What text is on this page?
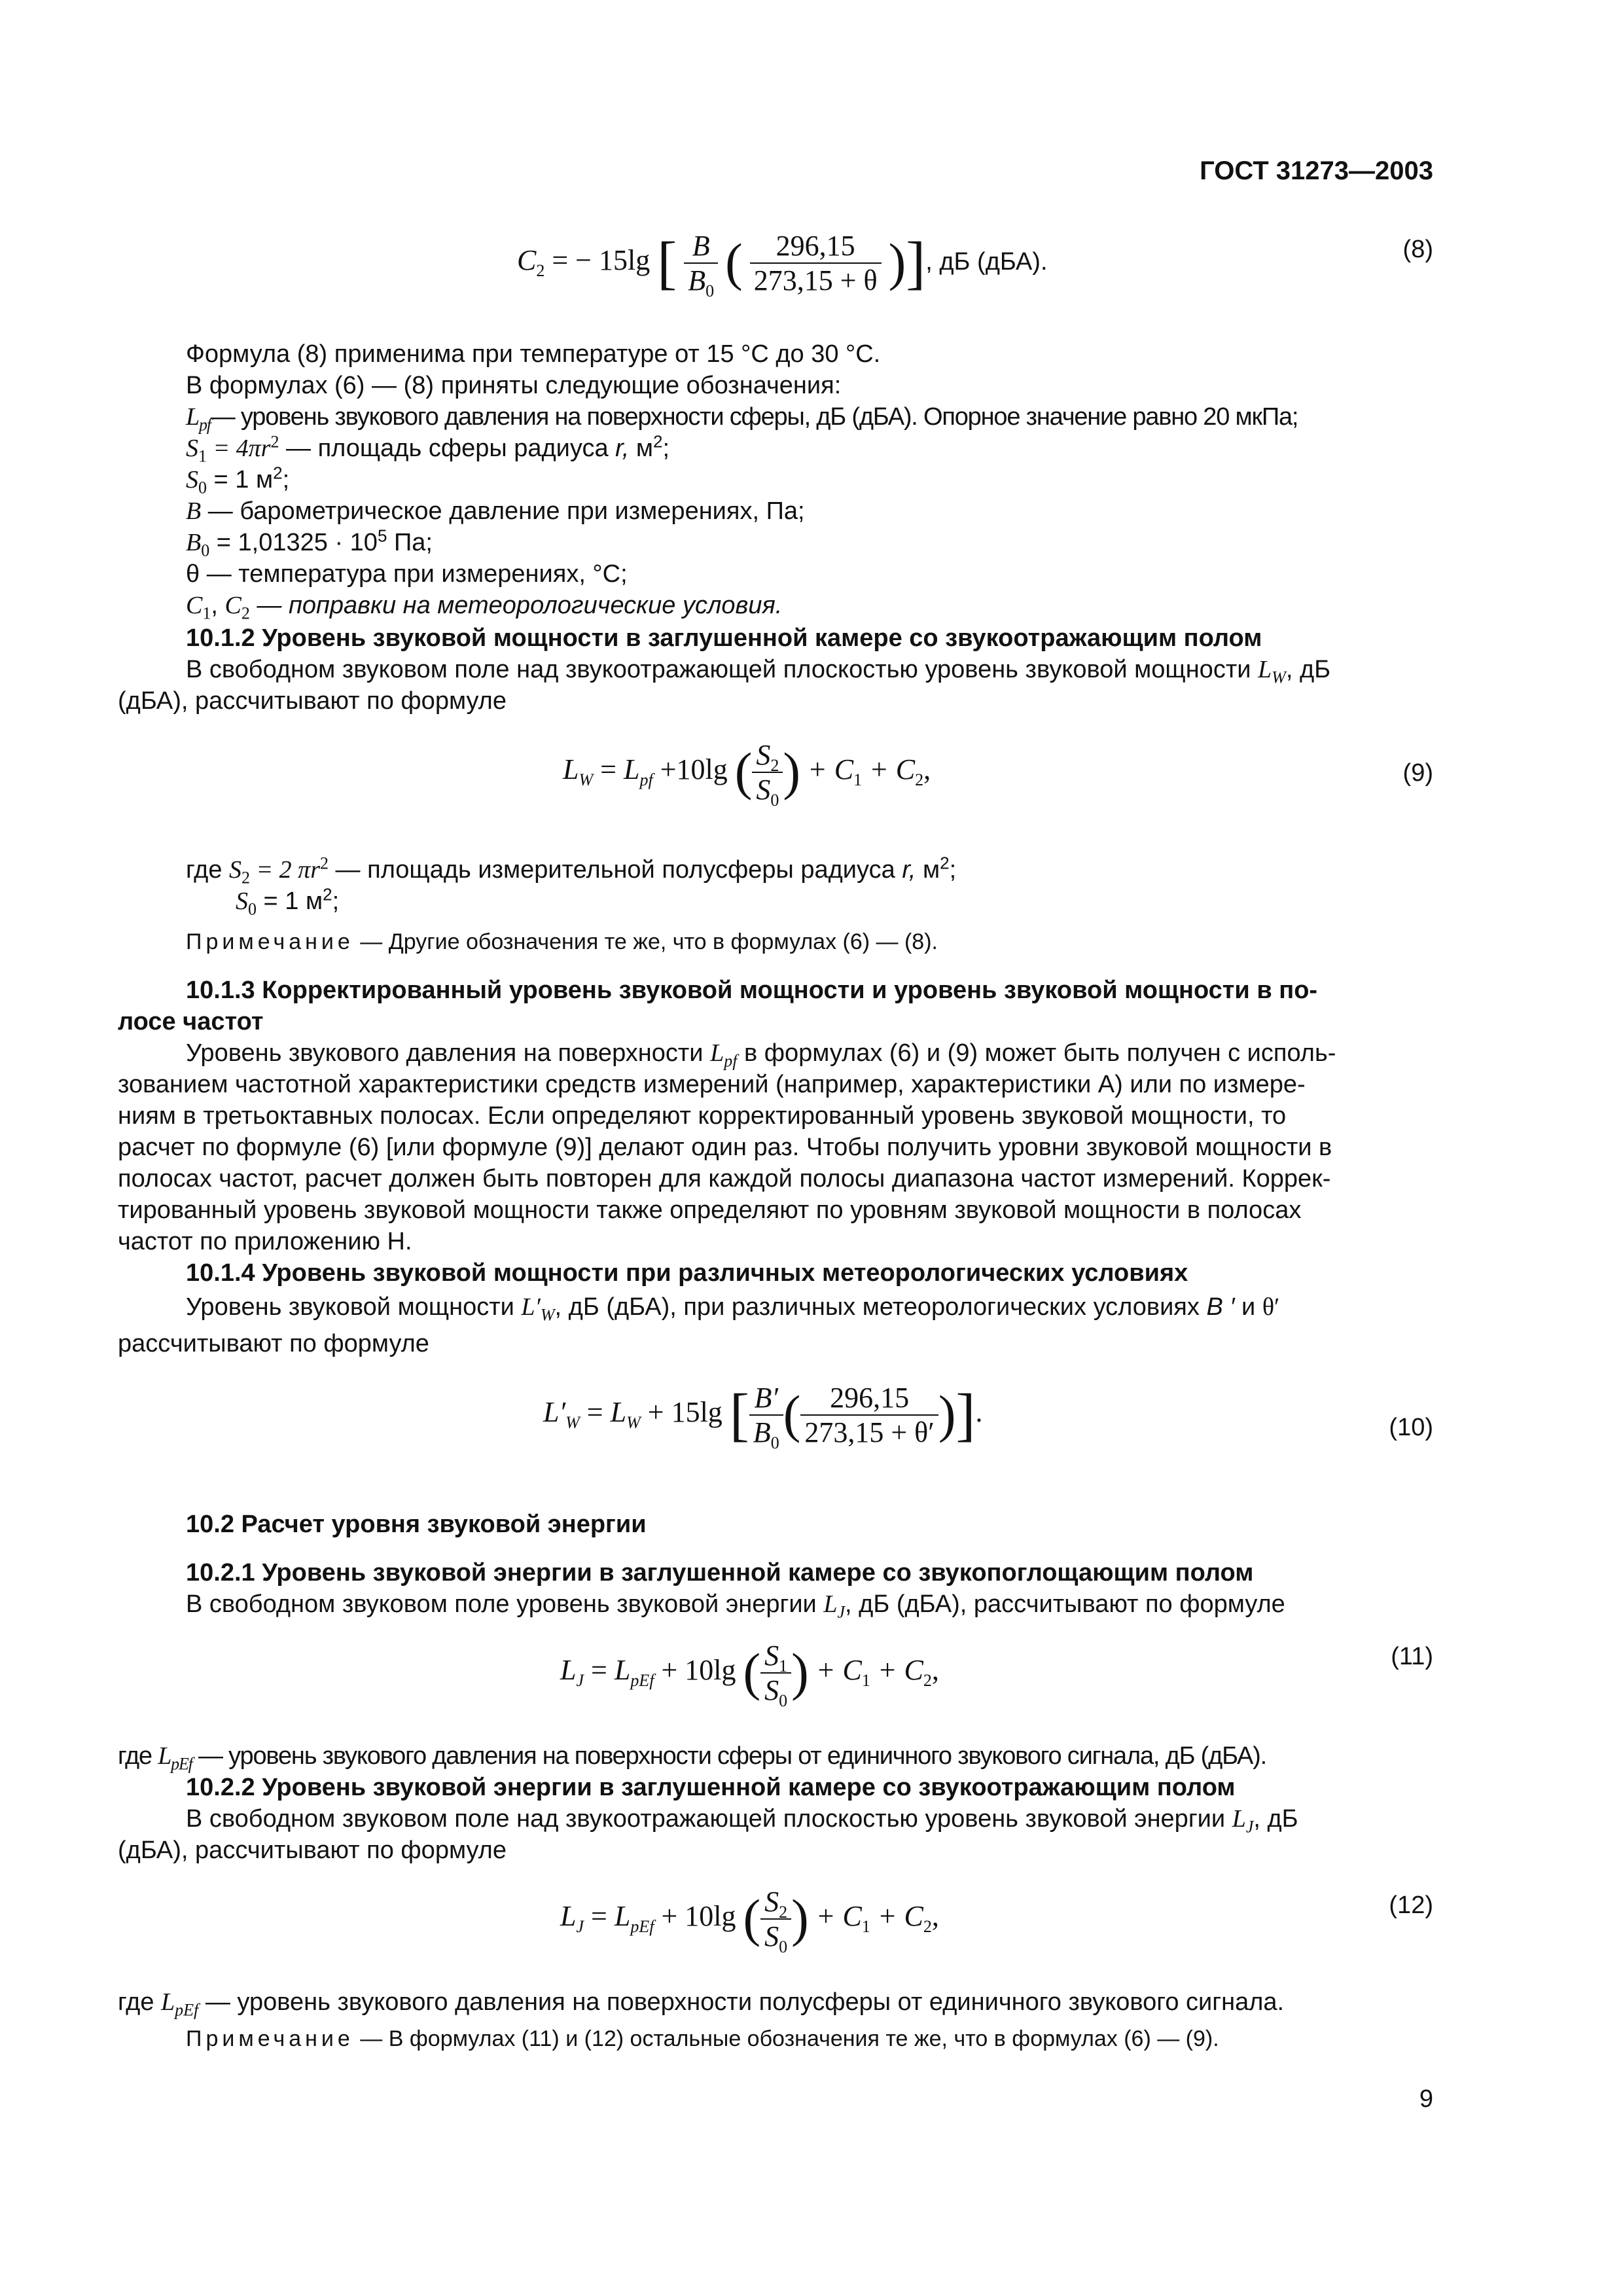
ГОСТ 31273—2003
$C_2$ = − 15lg [ $\frac{B}{B_0}$ ( $\frac{296,15}{273,15 + \theta}$ )], дБ (дБА).	(8)
Формула (8) применима при температуре от 15 °С до 30 °С.
В формулах (6) — (8) приняты следующие обозначения:
$L_{pf}—$ уровень звукового давления на поверхности сферы, дБ (дБА). Опорное значение равно 20 мкПа;
$S_1 = 4\pi r^2$ — площадь сферы радиуса r, $м^2$;
$S_0 = 1$ $м^2$;
B — барометрическое давление при измерениях, Па;
$B_0 = 1,01325 \cdot 10^5$ Па;
θ — температура при измерениях, °С;
$C_1$, $C_2$ — поправки на метеорологические условия.
10.1.2 Уровень звуковой мощности в заглушенной камере со звукоотражающим полом
В свободном звуковом поле над звукоотражающей плоскостью уровень звуковой мощности $L_W$, дБ
(дБА), рассчитывают по формуле
$L_W = L_{pf} +10\lg$ ( $\frac{S_2}{S_0}$ ) + $C_1 + C_2$,	(9)
где $S_2 = 2$ $\pi r^2$ — площадь измерительной полусферы радиуса r, $м^2$;
$S_0 = 1$ $м^2$;
Примечание — Другие обозначения те же, что в формулах (6) — (8).
10.1.3 Корректированный уровень звуковой мощности и уровень звуковой мощности в по-
лосе частот
Уровень звукового давления на поверхности $L_{pf}$ в формулах (6) и (9) может быть получен с исполь-
зованием частотной характеристики средств измерений (например, характеристики A) или по измере-
ниям в третьоктавных полосах. Если определяют корректированный уровень звуковой мощности, то
расчет по формуле (6) [или формуле (9)] делают один раз. Чтобы получить уровни звуковой мощности в
полосах частот, расчет должен быть повторен для каждой полосы диапазона частот измерений. Коррек-
тированный уровень звуковой мощности также определяют по уровням звуковой мощности в полосах
частот по приложению Н.
10.1.4 Уровень звуковой мощности при различных метеорологических условиях
Уровень звуковой мощности $L'_W$, дБ (дБА), при различных метеорологических условиях B ′ и θ′
рассчитывают по формуле
$L'_W = L_W + 15\lg$ [ $\frac{B'}{B_0}$ ( $\frac{296,15}{273,15 + \theta'}$ )].	(10)
10.2 Расчет уровня звуковой энергии
10.2.1 Уровень звуковой энергии в заглушенной камере со звукопоглощающим полом
В свободном звуковом поле уровень звуковой энергии $L_J$, дБ (дБА), рассчитывают по формуле
$L_J = L_{pEf} + 10\lg$ ( $\frac{S_1}{S_0}$ ) + $C_1 + C_2$,	(11)
где $L_{pEf}$ — уровень звукового давления на поверхности сферы от единичного звукового сигнала, дБ (дБА).
10.2.2 Уровень звуковой энергии в заглушенной камере со звукоотражающим полом
В свободном звуковом поле над звукоотражающей плоскостью уровень звуковой энергии $L_J$, дБ
(дБА), рассчитывают по формуле
$L_J = L_{pEf} + 10\lg$ ( $\frac{S_2}{S_0}$ ) + $C_1 + C_2$,	(12)
где $L_{pEf}$ — уровень звукового давления на поверхности полусферы от единичного звукового сигнала.
Примечание — В формулах (11) и (12) остальные обозначения те же, что в формулах (6) — (9).
9
